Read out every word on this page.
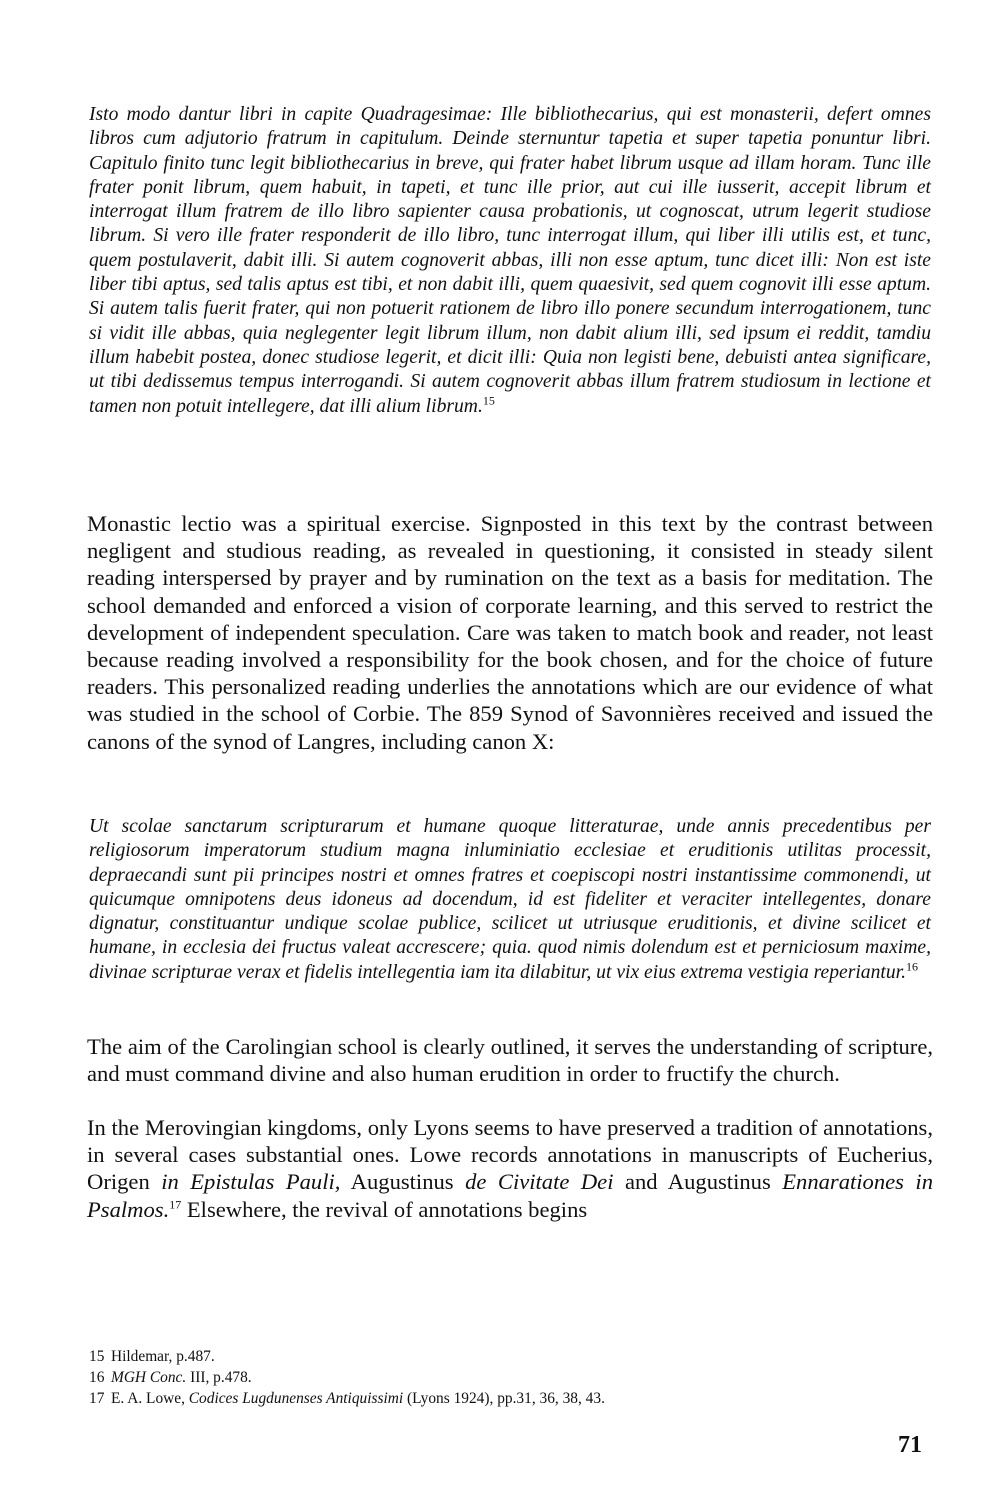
Isto modo dantur libri in capite Quadragesimae: Ille bibliothecarius, qui est monasterii, defert omnes libros cum adjutorio fratrum in capitulum. Deinde sternuntur tapetia et super tapetia ponuntur libri. Capitulo finito tunc legit bibliothecarius in breve, qui frater habet librum usque ad illam horam. Tunc ille frater ponit librum, quem habuit, in tapeti, et tunc ille prior, aut cui ille iusserit, accepit librum et interrogat illum fratrem de illo libro sapienter causa probationis, ut cognoscat, utrum legerit studiose librum. Si vero ille frater responderit de illo libro, tunc interrogat illum, qui liber illi utilis est, et tunc, quem postulaverit, dabit illi. Si autem cognoverit abbas, illi non esse aptum, tunc dicet illi: Non est iste liber tibi aptus, sed talis aptus est tibi, et non dabit illi, quem quaesivit, sed quem cognovit illi esse aptum. Si autem talis fuerit frater, qui non potuerit rationem de libro illo ponere secundum interrogationem, tunc si vidit ille abbas, quia neglegenter legit librum illum, non dabit alium illi, sed ipsum ei reddit, tamdiu illum habebit postea, donec studiose legerit, et dicit illi: Quia non legisti bene, debuisti antea significare, ut tibi dedissemus tempus interrogandi. Si autem cognoverit abbas illum fratrem studiosum in lectione et tamen non potuit intellegere, dat illi alium librum.$^{15}$

Monastic lectio was a spiritual exercise. Signposted in this text by the contrast between negligent and studious reading, as revealed in questioning, it consisted in steady silent reading interspersed by prayer and by rumination on the text as a basis for meditation. The school demanded and enforced a vision of corporate learning, and this served to restrict the development of independent speculation. Care was taken to match book and reader, not least because reading involved a responsibility for the book chosen, and for the choice of future readers. This personalized reading underlies the annotations which are our evidence of what was studied in the school of Corbie. The 859 Synod of Savonnières received and issued the canons of the synod of Langres, including canon X:

Ut scolae sanctarum scripturarum et humane quoque litteraturae, unde annis precedentibus per religiosorum imperatorum studium magna inluminiatio ecclesiae et eruditionis utilitas processit, depraecandi sunt pii principes nostri et omnes fratres et coepiscopi nostri instantissime commonendi, ut quicumque omnipotens deus idoneus ad docendum, id est fideliter et veraciter intellegentes, donare dignatur, constituantur undique scolae publice, scilicet ut utriusque eruditionis, et divine scilicet et humane, in ecclesia dei fructus valeat accrescere; quia. quod nimis dolendum est et perniciosum maxime, divinae scripturae verax et fidelis intellegentia iam ita dilabitur, ut vix eius extrema vestigia reperiantur.$^{16}$

The aim of the Carolingian school is clearly outlined, it serves the understanding of scripture, and must command divine and also human erudition in order to fructify the church.

In the Merovingian kingdoms, only Lyons seems to have preserved a tradition of annotations, in several cases substantial ones. Lowe records annotations in manuscripts of Eucherius, Origen in Epistulas Pauli, Augustinus de Civitate Dei and Augustinus Ennarationes in Psalmos.$^{17}$ Elsewhere, the revival of annotations begins

15 Hildemar, p.487.

16 MGH Conc. III, p.478.

17 E. A. Lowe, Codices Lugdunenses Antiquissimi (Lyons 1924), pp.31, 36, 38, 43.

71
